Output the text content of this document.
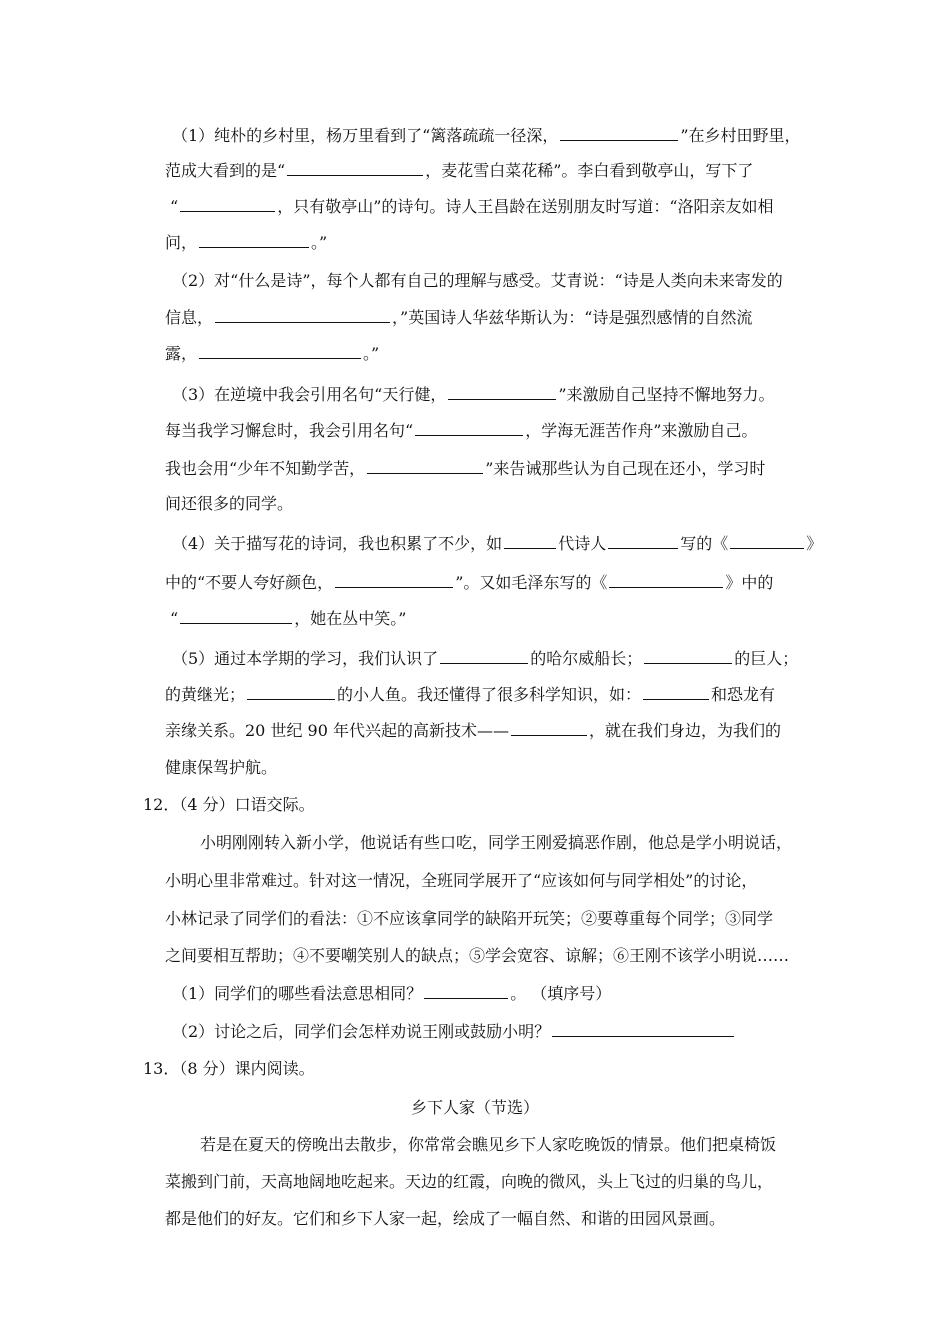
（1）纯朴的乡村里，杨万里看到了“篱落疏疏一径深，	”在乡村田野里，
范成大看到的是“	，麦花雪白菜花稀”。李白看到敬亭山，写下了
“	，只有敬亭山”的诗句。诗人王昌龄在送别朋友时写道：“洛阳亲友如相
问，	。”
（2）对“什么是诗”，每个人都有自己的理解与感受。艾青说：“诗是人类向未来寄发的
信息，	，”英国诗人华兹华斯认为：“诗是强烈感情的自然流
露，	。”
（3）在逆境中我会引用名句“天行健，	”来激励自己坚持不懈地努力。
每当我学习懈怠时，我会引用名句“	，学海无涯苦作舟”来激励自己。
我也会用“少年不知勤学苦，	”来告诫那些认为自己现在还小，学习时
间还很多的同学。
（4）关于描写花的诗词，我也积累了不少，如	代诗人	写的《	》
中的“不要人夸好颜色，	”。又如毛泽东写的《	》中的
“	，她在丛中笑。”
（5）通过本学期的学习，我们认识了	的哈尔威船长；	的巨人；
的黄继光；	的小人鱼。我还懂得了很多科学知识，如：	和恐龙有
亲缘关系。20 世纪 90 年代兴起的高新技术——	，就在我们身边，为我们的
健康保驾护航。
12．（4 分）口语交际。
小明刚刚转入新小学，他说话有些口吃，同学王刚爱搞恶作剧，他总是学小明说话，
小明心里非常难过。针对这一情况，全班同学展开了“应该如何与同学相处”的讨论，
小林记录了同学们的看法：①不应该拿同学的缺陷开玩笑；②要尊重每个同学；③同学
之间要相互帮助；④不要嘲笑别人的缺点；⑤学会宽容、谅解；⑥王刚不该学小明说……
（1）同学们的哪些看法意思相同？	。 （填序号）
（2）讨论之后，同学们会怎样劝说王刚或鼓励小明？
13．（8 分）课内阅读。
乡下人家（节选）
若是在夏天的傍晚出去散步，你常常会瞧见乡下人家吃晚饭的情景。他们把桌椅饭
菜搬到门前，天高地阔地吃起来。天边的红霞，向晚的微风，头上飞过的归巢的鸟儿，
都是他们的好友。它们和乡下人家一起，绘成了一幅自然、和谐的田园风景画。
